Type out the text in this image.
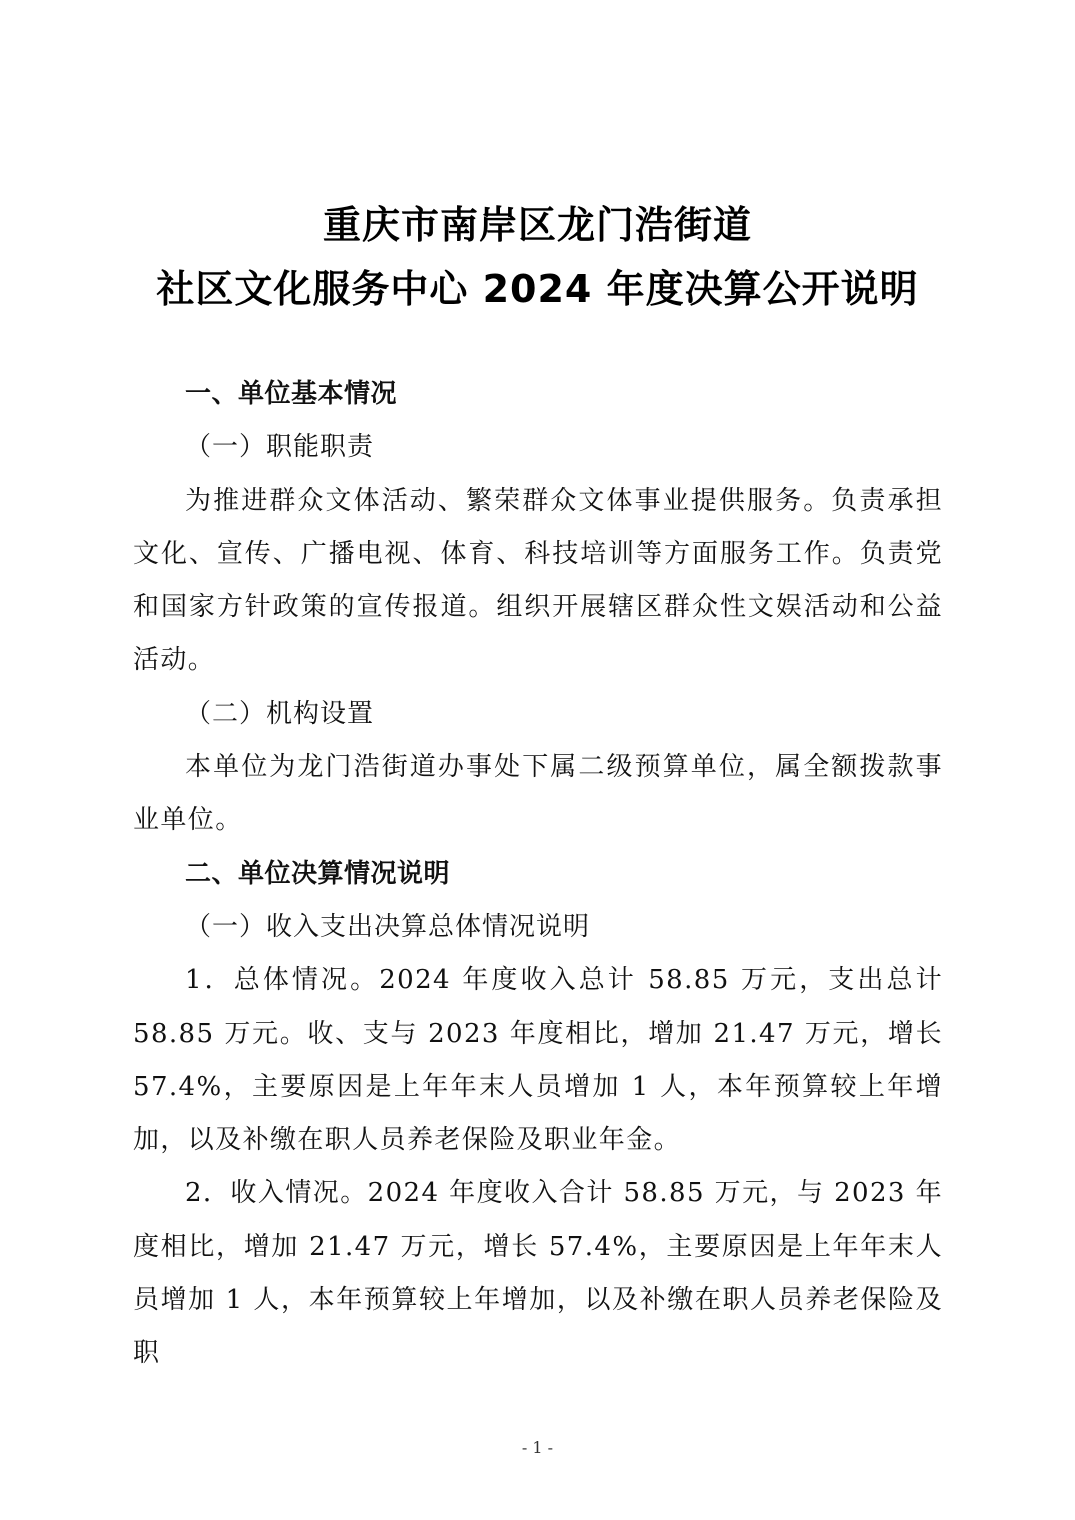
重庆市南岸区龙门浩街道
社区文化服务中心 2024 年度决算公开说明

一、单位基本情况

（一）职能职责

为推进群众文体活动、繁荣群众文体事业提供服务。负责承担文化、宣传、广播电视、体育、科技培训等方面服务工作。负责党和国家方针政策的宣传报道。组织开展辖区群众性文娱活动和公益活动。

（二）机构设置

本单位为龙门浩街道办事处下属二级预算单位，属全额拨款事业单位。

二、单位决算情况说明

（一）收入支出决算总体情况说明

1．总体情况。2024 年度收入总计 58.85 万元，支出总计 58.85 万元。收、支与 2023 年度相比，增加 21.47 万元，增长 57.4%，主要原因是上年年末人员增加 1 人，本年预算较上年增加，以及补缴在职人员养老保险及职业年金。

2．收入情况。2024 年度收入合计 58.85 万元，与 2023 年度相比，增加 21.47 万元，增长 57.4%，主要原因是上年年末人员增加 1 人，本年预算较上年增加，以及补缴在职人员养老保险及职

- 1 -
